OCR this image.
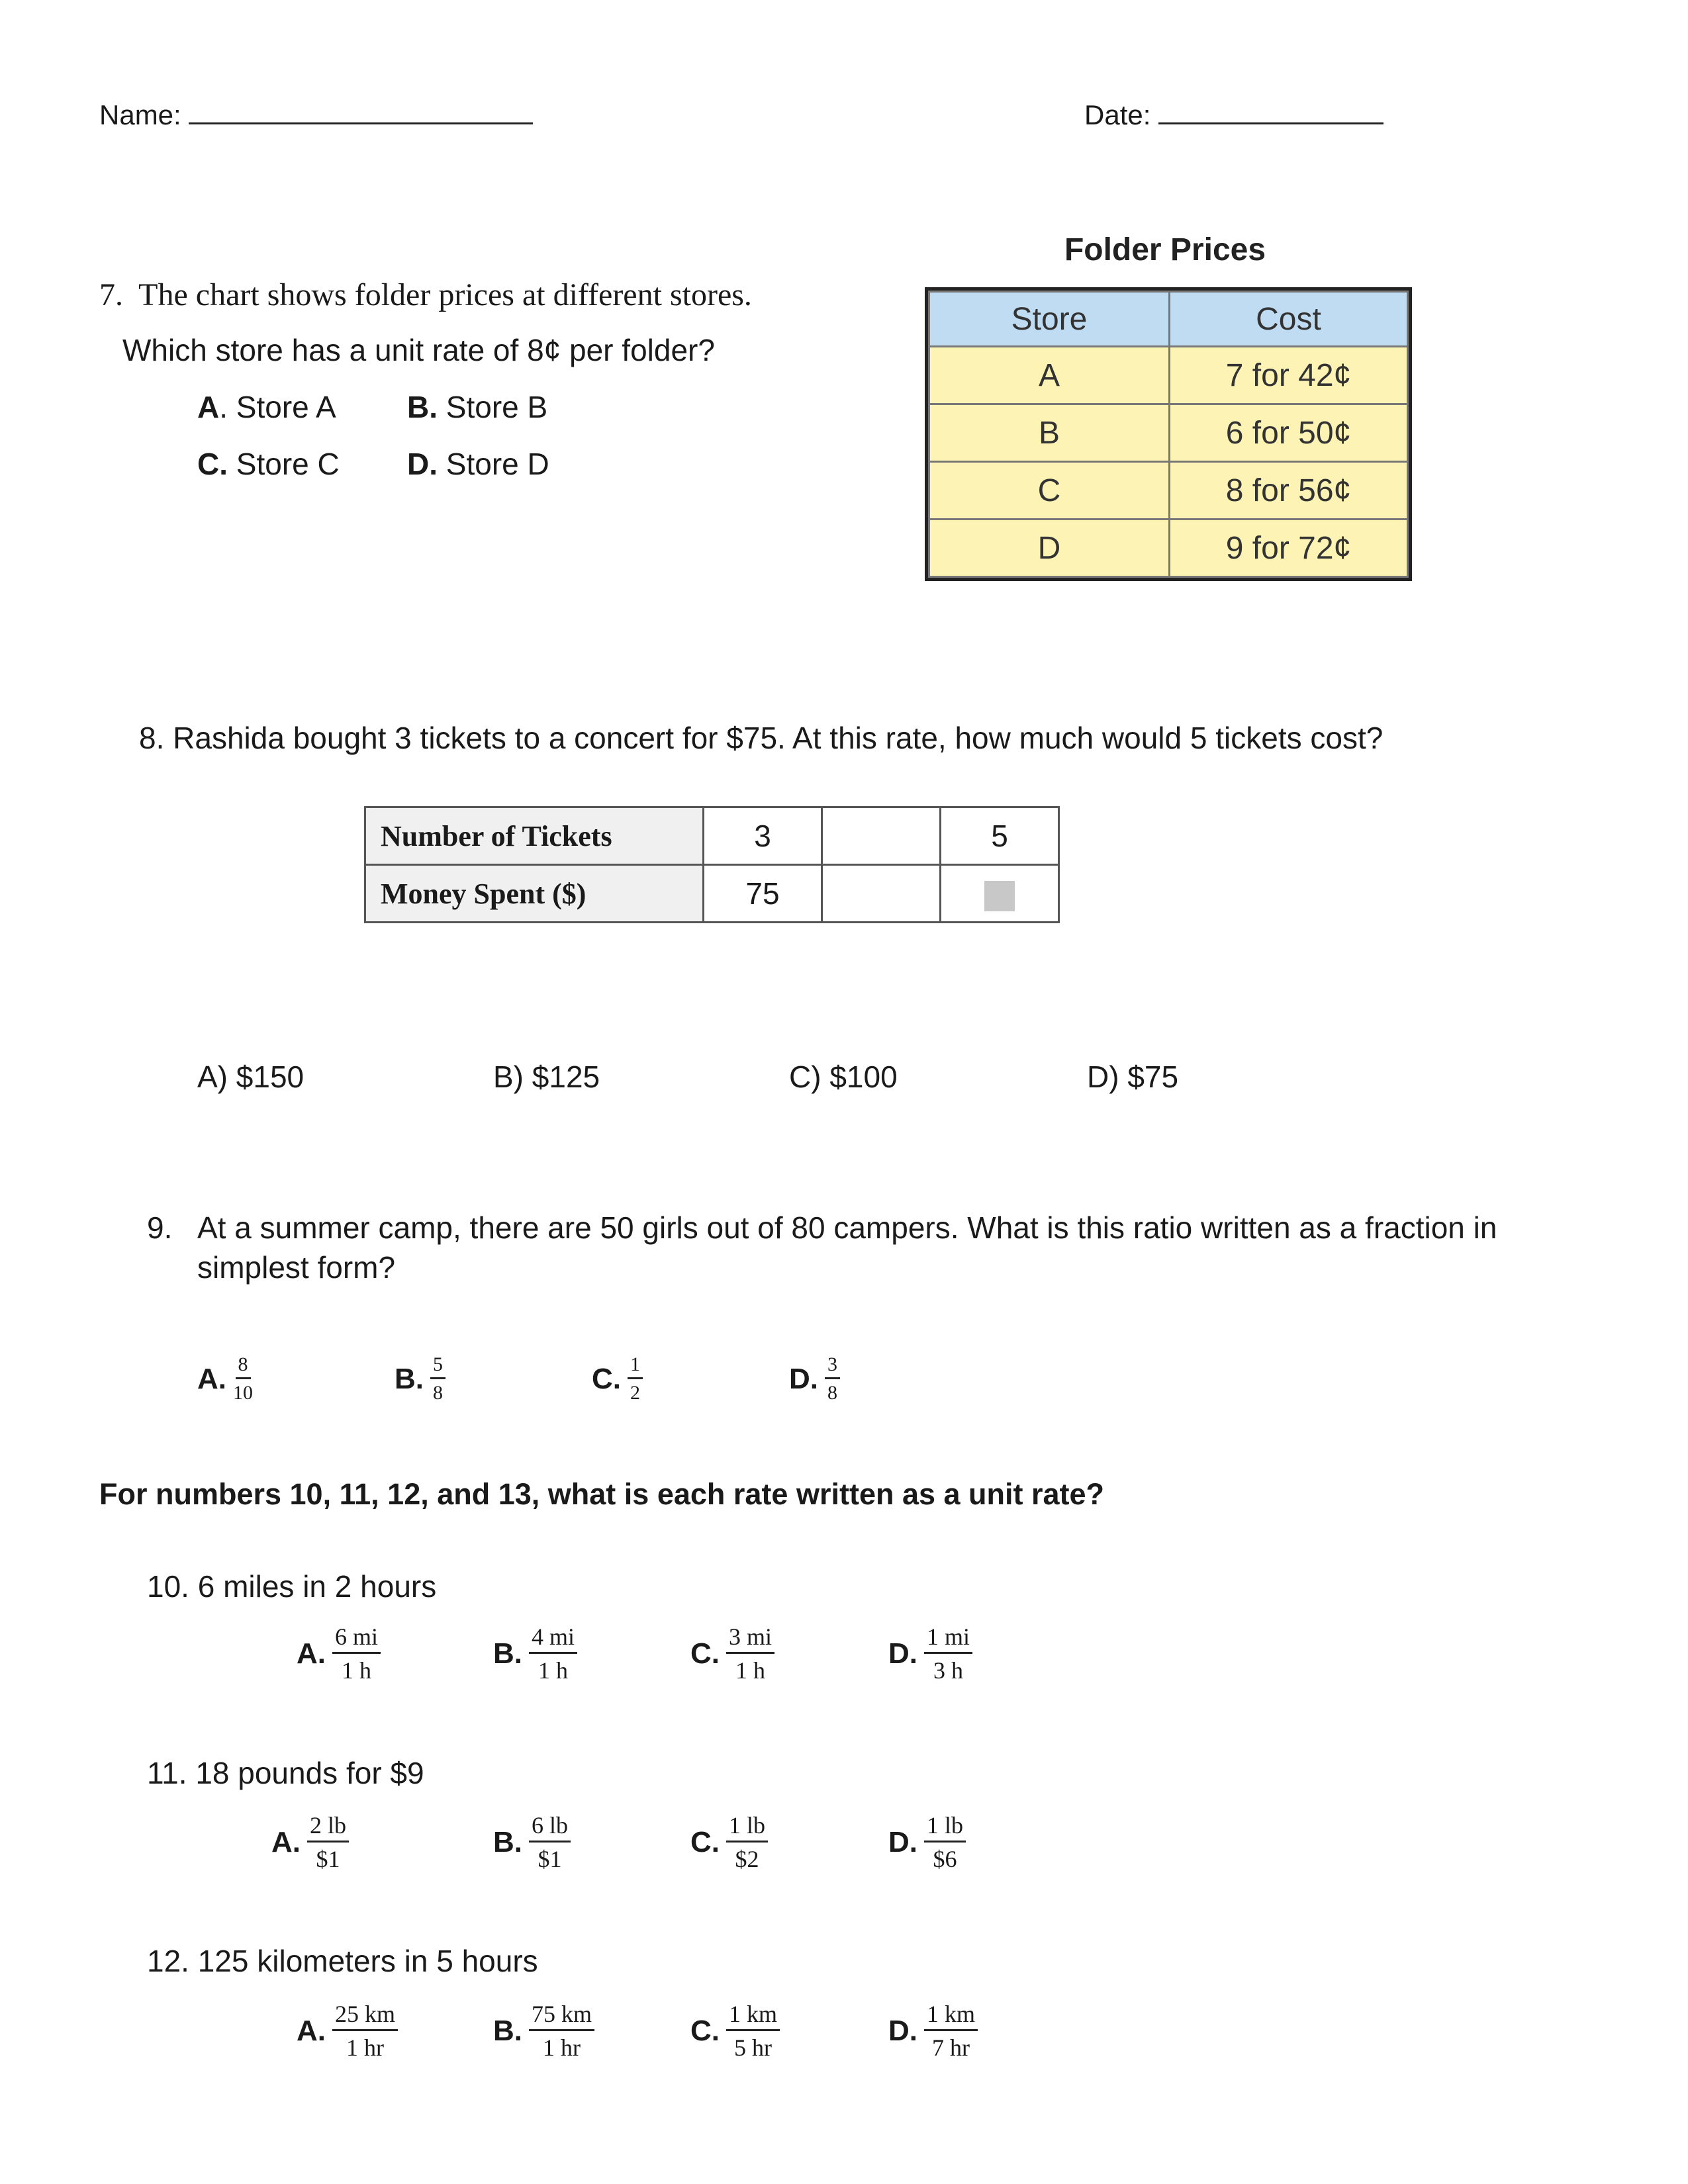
Name:	Date:
7. The chart shows folder prices at different stores.
Which store has a unit rate of 8¢ per folder?
A. Store A B. Store B
C. Store C D. Store D
Folder Prices
Store	Cost
A	7 for 42¢
B	6 for 50¢
C	8 for 56¢
D	9 for 72¢
8. Rashida bought 3 tickets to a concert for $75. At this rate, how much would 5 tickets cost?
Number of Tickets	3		5
Money Spent ($)	75		
A) $150	B) $125	C) $100	D) $75
9. At a summer camp, there are 50 girls out of 80 campers. What is this ratio written as a fraction in
simplest form?
A. $\frac{8}{10}$	B. $\frac{5}{8}$	C. $\frac{1}{2}$	D. $\frac{3}{8}$
For numbers 10, 11, 12, and 13, what is each rate written as a unit rate?
10. 6 miles in 2 hours
A. $\frac{6 mi}{1 h}$	B. $\frac{4 mi}{1 h}$	C. $\frac{3 mi}{1 h}$	D. $\frac{1 mi}{3 h}$
11. 18 pounds for $9
A. $\frac{2 lb}{\$1}$	B. $\frac{6 lb}{\$1}$	C. $\frac{1 lb}{\$2}$	D. $\frac{1 lb}{\$6}$
12. 125 kilometers in 5 hours
A. $\frac{25 km}{1 hr}$	B. $\frac{75 km}{1 hr}$	C. $\frac{1 km}{5 hr}$	D. $\frac{1 km}{7 hr}$
